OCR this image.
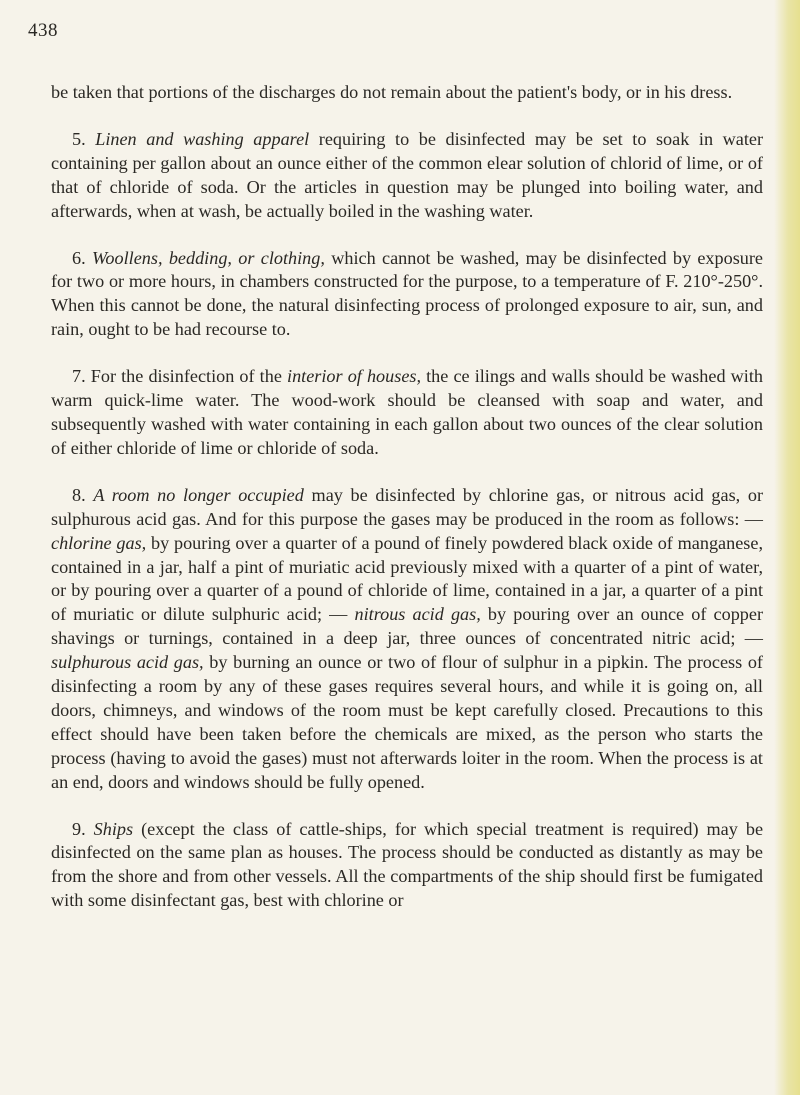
438

be taken that portions of the discharges do not remain about the patient's body, or in his dress.

5. Linen and washing apparel requiring to be disinfected may be set to soak in water containing per gallon about an ounce either of the common elear solution of chlorid of lime, or of that of chloride of soda. Or the articles in question may be plunged into boiling water, and afterwards, when at wash, be actually boiled in the washing water.

6. Woollens, bedding, or clothing, which cannot be washed, may be disinfected by exposure for two or more hours, in chambers constructed for the purpose, to a temperature of F. 210°-250°. When this cannot be done, the natural disinfecting process of prolonged exposure to air, sun, and rain, ought to be had recourse to.

7. For the disinfection of the interior of houses, the ce ilings and walls should be washed with warm quick-lime water. The wood-work should be cleansed with soap and water, and subsequently washed with water containing in each gallon about two ounces of the clear solution of either chloride of lime or chloride of soda.

8. A room no longer occupied may be disinfected by chlorine gas, or nitrous acid gas, or sulphurous acid gas. And for this purpose the gases may be produced in the room as follows: — chlorine gas, by pouring over a quarter of a pound of finely powdered black oxide of manganese, contained in a jar, half a pint of muriatic acid previously mixed with a quarter of a pint of water, or by pouring over a quarter of a pound of chloride of lime, contained in a jar, a quarter of a pint of muriatic or dilute sulphuric acid; — nitrous acid gas, by pouring over an ounce of copper shavings or turnings, contained in a deep jar, three ounces of concentrated nitric acid; — sulphurous acid gas, by burning an ounce or two of flour of sulphur in a pipkin. The process of disinfecting a room by any of these gases requires several hours, and while it is going on, all doors, chimneys, and windows of the room must be kept carefully closed. Precautions to this effect should have been taken before the chemicals are mixed, as the person who starts the process (having to avoid the gases) must not afterwards loiter in the room. When the process is at an end, doors and windows should be fully opened.

9. Ships (except the class of cattle-ships, for which special treatment is required) may be disinfected on the same plan as houses. The process should be conducted as distantly as may be from the shore and from other vessels. All the compartments of the ship should first be fumigated with some disinfectant gas, best with chlorine or
